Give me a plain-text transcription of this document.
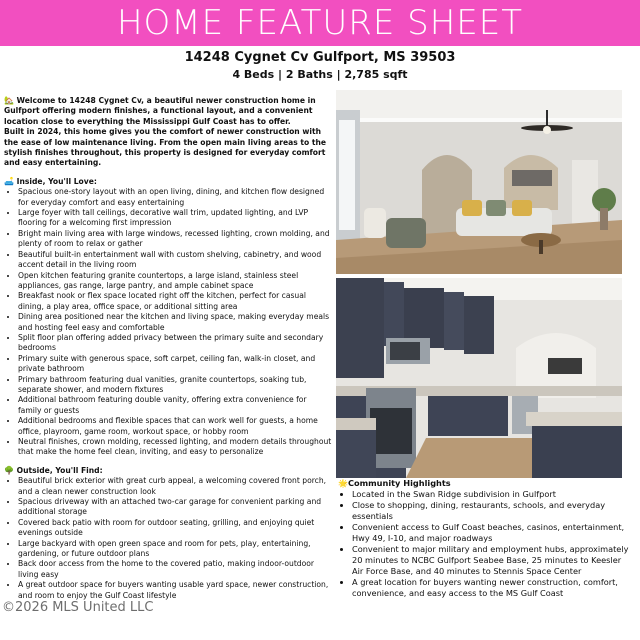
HOME FEATURE SHEET
14248 Cygnet Cv Gulfport, MS 39503
4 Beds | 2 Baths | 2,785 sqft

🏡 Welcome to 14248 Cygnet Cv, a beautiful newer construction home in Gulfport offering modern finishes, a functional layout, and a convenient location close to everything the Mississippi Gulf Coast has to offer.

Built in 2024, this home gives you the comfort of newer construction with the ease of low maintenance living. From the open main living areas to the stylish finishes throughout, this property is designed for everyday comfort and easy entertaining.

🛋️ Inside, You'll Love:
• Spacious one-story layout with an open living, dining, and kitchen flow designed for everyday comfort and easy entertaining
• Large foyer with tall ceilings, decorative wall trim, updated lighting, and LVP flooring for a welcoming first impression
• Bright main living area with large windows, recessed lighting, crown molding, and plenty of room to relax or gather
• Beautiful built-in entertainment wall with custom shelving, cabinetry, and wood accent detail in the living room
• Open kitchen featuring granite countertops, a large island, stainless steel appliances, gas range, large pantry, and ample cabinet space
• Breakfast nook or flex space located right off the kitchen, perfect for casual dining, a play area, office space, or additional sitting area
• Dining area positioned near the kitchen and living space, making everyday meals and hosting feel easy and comfortable
• Split floor plan offering added privacy between the primary suite and secondary bedrooms
• Primary suite with generous space, soft carpet, ceiling fan, walk-in closet, and private bathroom
• Primary bathroom featuring dual vanities, granite countertops, soaking tub, separate shower, and modern fixtures
• Additional bathroom featuring double vanity, offering extra convenience for family or guests
• Additional bedrooms and flexible spaces that can work well for guests, a home office, playroom, game room, workout space, or hobby room
• Neutral finishes, crown molding, recessed lighting, and modern details throughout that make the home feel clean, inviting, and easy to personalize
🌳 Outside, You'll Find:
• Beautiful brick exterior with great curb appeal, a welcoming covered front porch, and a clean newer construction look
• Spacious driveway with an attached two-car garage for convenient parking and additional storage
• Covered back patio with room for outdoor seating, grilling, and enjoying quiet evenings outside
• Large backyard with open green space and room for pets, play, entertaining, gardening, or future outdoor plans
• Back door access from the home to the covered patio, making indoor-outdoor living easy
• A great outdoor space for buyers wanting usable yard space, newer construction, and room to enjoy the Gulf Coast lifestyle
🌟Community Highlights
• Located in the Swan Ridge subdivision in Gulfport
• Close to shopping, dining, restaurants, schools, and everyday essentials
• Convenient access to Gulf Coast beaches, casinos, entertainment, Hwy 49, I-10, and major roadways
• Convenient to major military and employment hubs, approximately 20 minutes to NCBC Gulfport Seabee Base, 25 minutes to Keesler Air Force Base, and 40 minutes to Stennis Space Center
• A great location for buyers wanting newer construction, comfort, convenience, and easy access to the MS Gulf Coast
©2026 MLS United LLC
